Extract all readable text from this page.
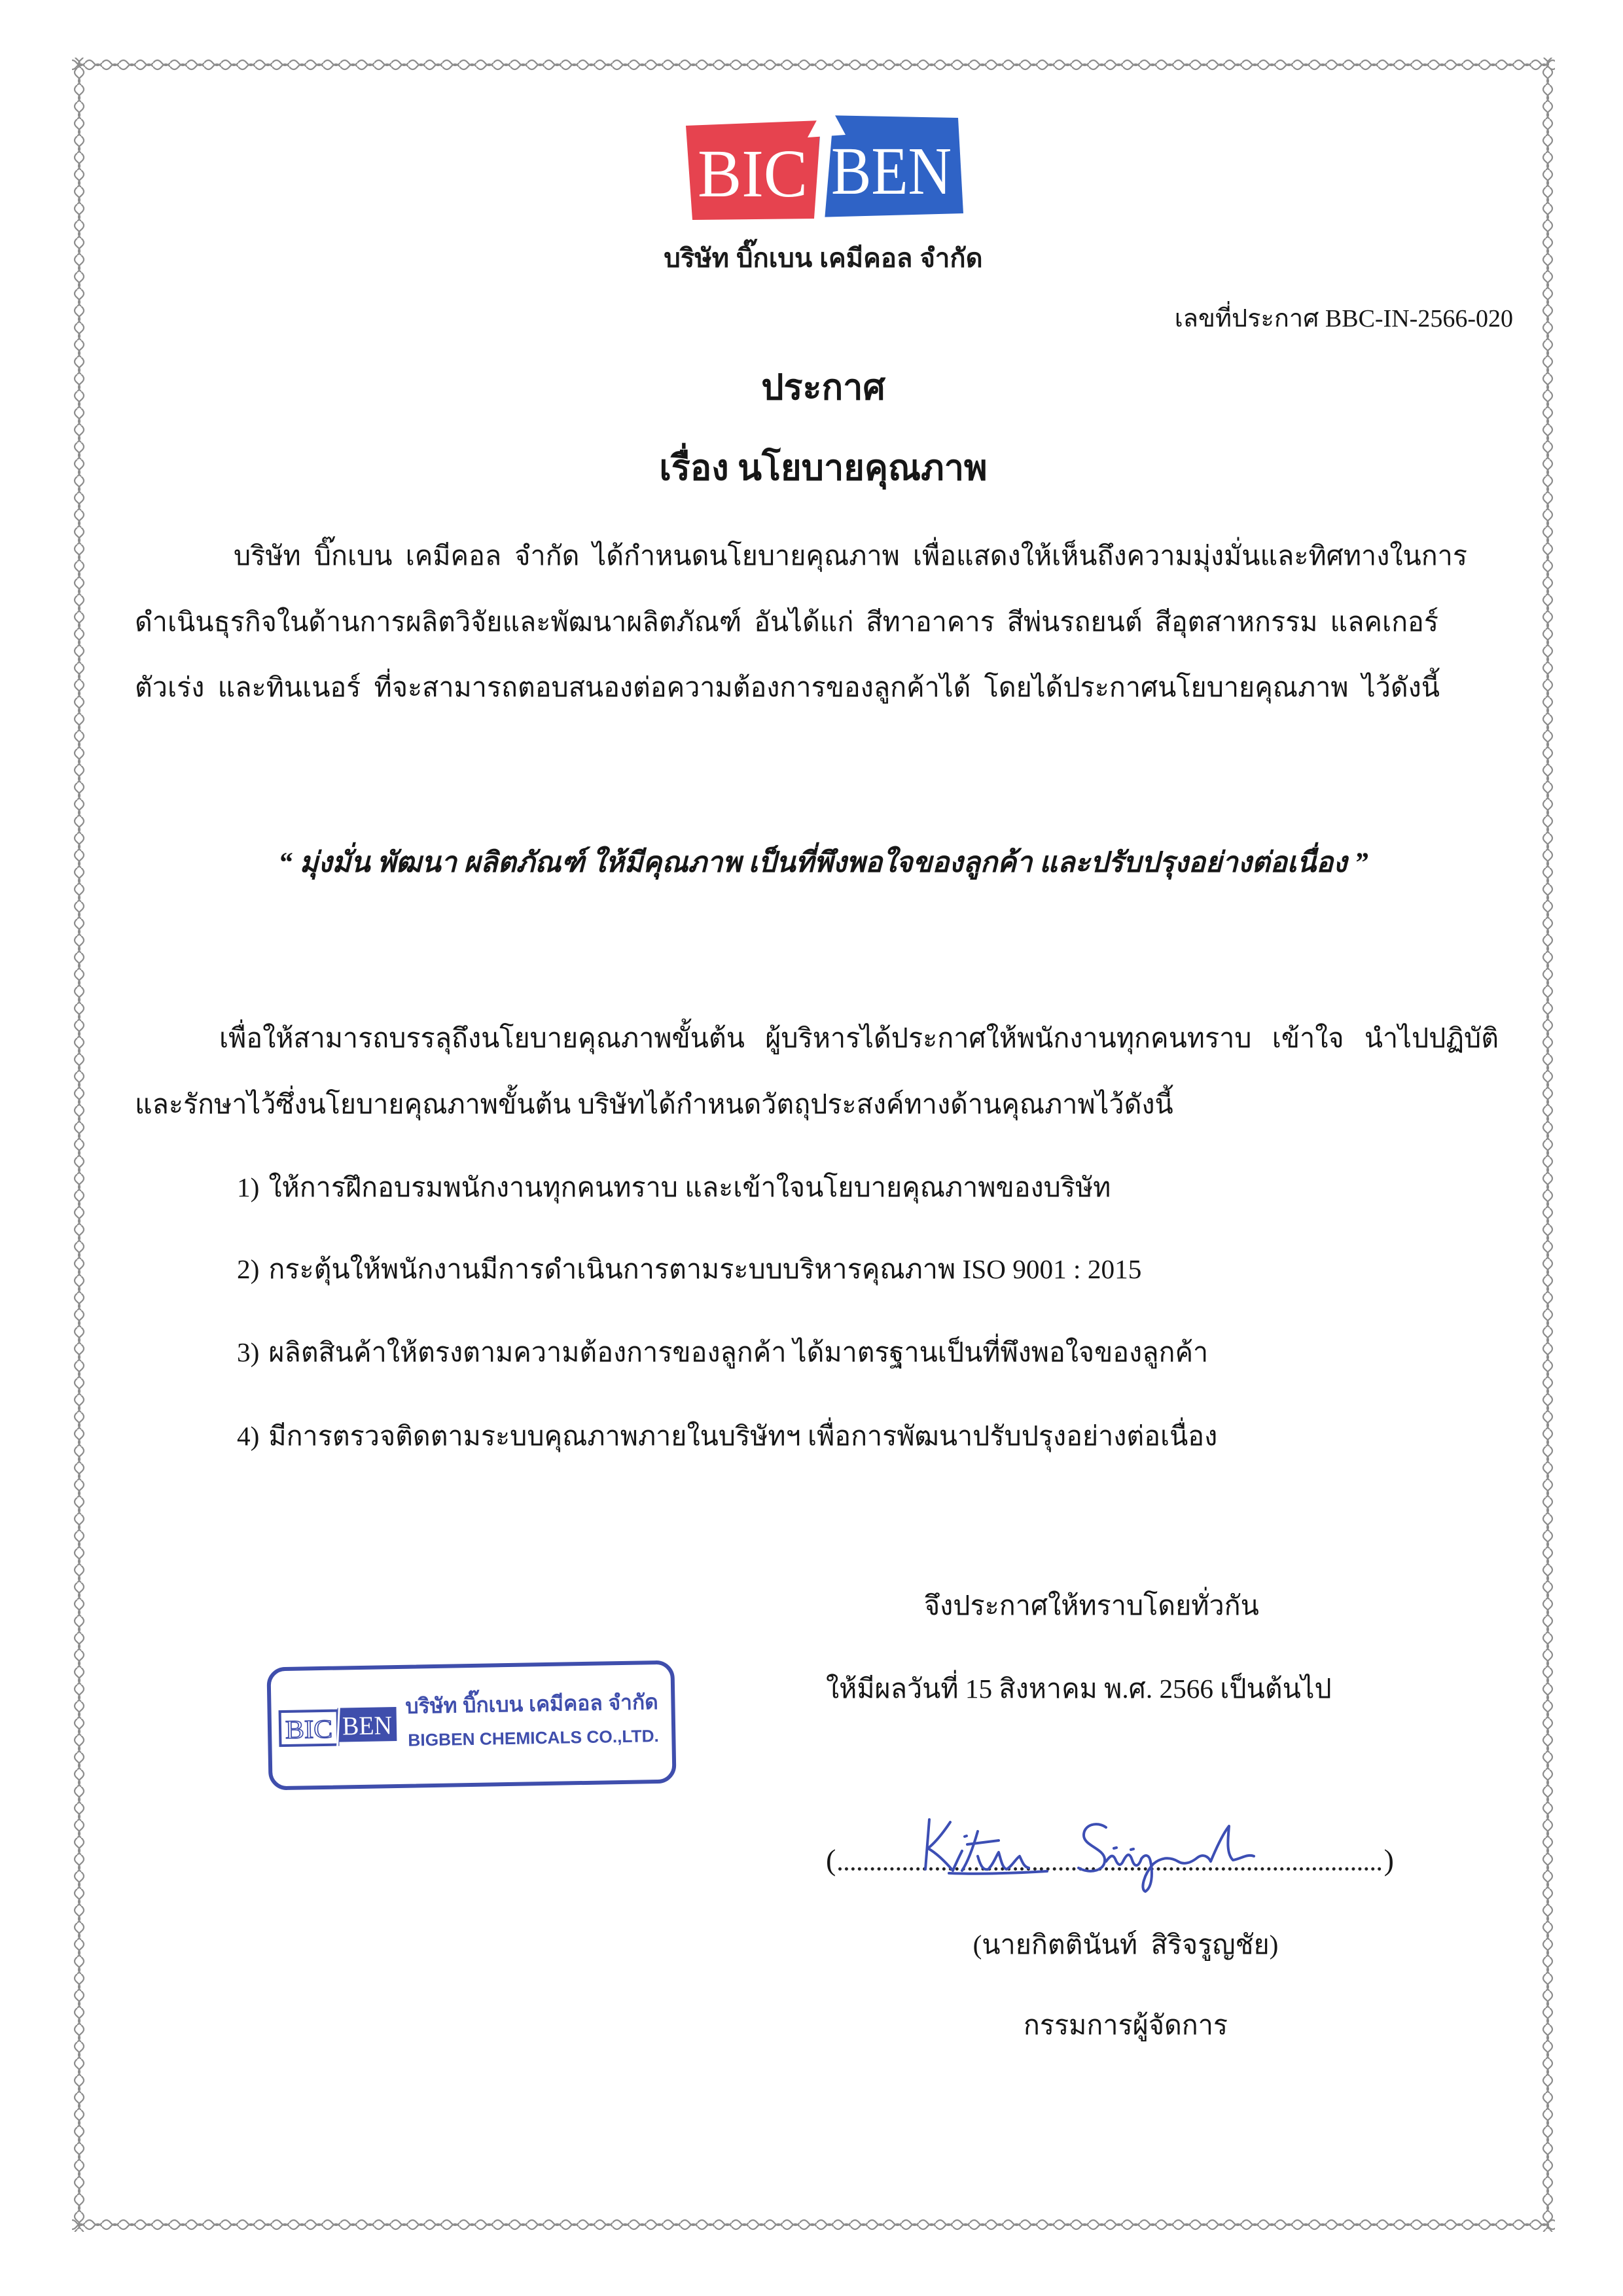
BIC BEN
บริษัท บิ๊กเบน เคมีคอล จำกัด
เลขที่ประกาศ BBC-IN-2566-020
ประกาศ
เรื่อง นโยบายคุณภาพ
บริษัท บิ๊กเบน เคมีคอล จำกัด ได้กำหนดนโยบายคุณภาพ เพื่อแสดงให้เห็นถึงความมุ่งมั่นและทิศทางในการ
ดำเนินธุรกิจในด้านการผลิตวิจัยและพัฒนาผลิตภัณฑ์ อันได้แก่ สีทาอาคาร สีพ่นรถยนต์ สีอุตสาหกรรม แลคเกอร์
ตัวเร่ง และทินเนอร์ ที่จะสามารถตอบสนองต่อความต้องการของลูกค้าได้ โดยได้ประกาศนโยบายคุณภาพ ไว้ดังนี้
“ มุ่งมั่น พัฒนา ผลิตภัณฑ์ ให้มีคุณภาพ เป็นที่พึงพอใจของลูกค้า และปรับปรุงอย่างต่อเนื่อง ”
เพื่อให้สามารถบรรลุถึงนโยบายคุณภาพขั้นต้น ผู้บริหารได้ประกาศให้พนักงานทุกคนทราบ เข้าใจ นำไปปฏิบัติ
และรักษาไว้ซึ่งนโยบายคุณภาพขั้นต้น บริษัทได้กำหนดวัตถุประสงค์ทางด้านคุณภาพไว้ดังนี้
1) ให้การฝึกอบรมพนักงานทุกคนทราบ และเข้าใจนโยบายคุณภาพของบริษัท
2) กระตุ้นให้พนักงานมีการดำเนินการตามระบบบริหารคุณภาพ ISO 9001 : 2015
3) ผลิตสินค้าให้ตรงตามความต้องการของลูกค้า ได้มาตรฐานเป็นที่พึงพอใจของลูกค้า
4) มีการตรวจติดตามระบบคุณภาพภายในบริษัทฯ เพื่อการพัฒนาปรับปรุงอย่างต่อเนื่อง
จึงประกาศให้ทราบโดยทั่วกัน
ให้มีผลวันที่ 15 สิงหาคม พ.ศ. 2566 เป็นต้นไป
BIC BEN
บริษัท บิ๊กเบน เคมีคอล จำกัด
BIGBEN CHEMICALS CO.,LTD.
(	)
(นายกิตตินันท์  สิริจรูญชัย)
กรรมการผู้จัดการ
